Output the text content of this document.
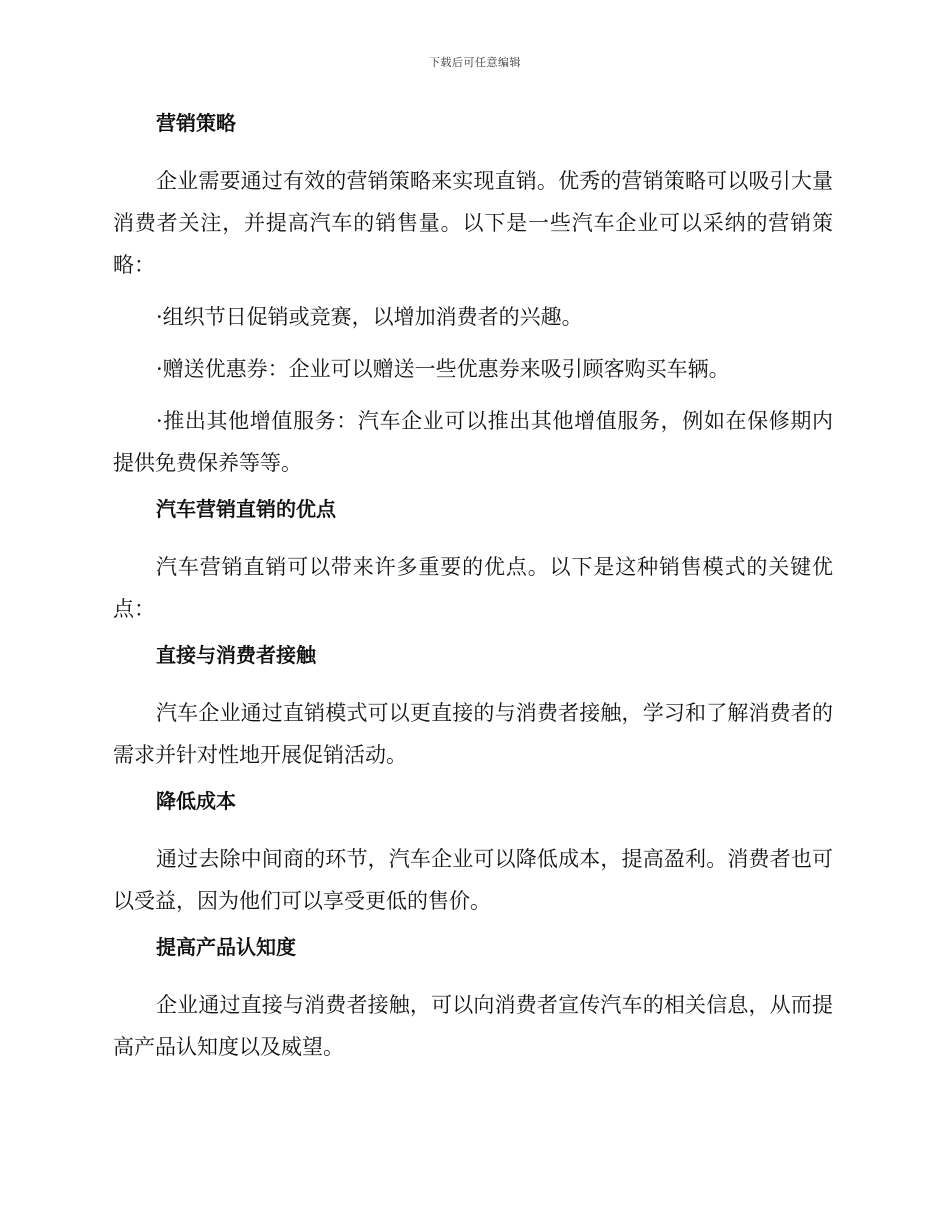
下载后可任意编辑
营销策略
企业需要通过有效的营销策略来实现直销。优秀的营销策略可以吸引大量消费者关注，并提高汽车的销售量。以下是一些汽车企业可以采纳的营销策略：
·组织节日促销或竞赛，以增加消费者的兴趣。
·赠送优惠券：企业可以赠送一些优惠券来吸引顾客购买车辆。
·推出其他增值服务：汽车企业可以推出其他增值服务，例如在保修期内提供免费保养等等。
汽车营销直销的优点
汽车营销直销可以带来许多重要的优点。以下是这种销售模式的关键优点：
直接与消费者接触
汽车企业通过直销模式可以更直接的与消费者接触，学习和了解消费者的需求并针对性地开展促销活动。
降低成本
通过去除中间商的环节，汽车企业可以降低成本，提高盈利。消费者也可以受益，因为他们可以享受更低的售价。
提高产品认知度
企业通过直接与消费者接触，可以向消费者宣传汽车的相关信息，从而提高产品认知度以及威望。
